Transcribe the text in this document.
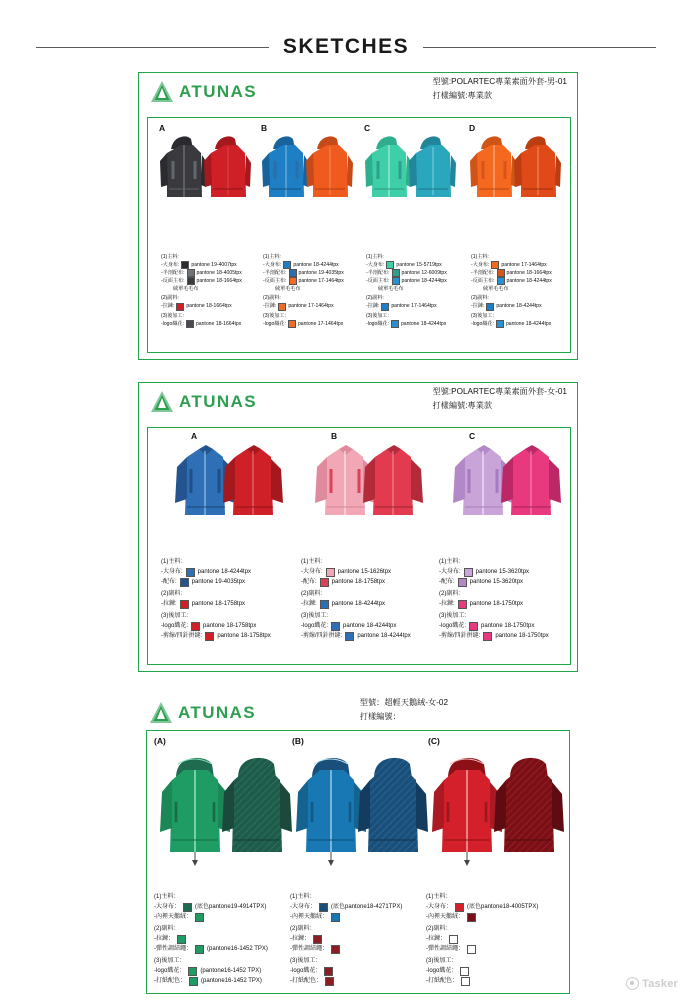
SKETCHES
ATUNAS
型號:POLARTEC專業素面外套-男-01
打樣編號:專業款
A
(1)主料:
-大身布: pantone 19-4007tpx
-半剖配布: pantone 18-4005tpx
-反面主布: pantone 18-1664tpx
絨單毛毛布
(2)副料:
-拉鍊: pantone 18-1664tpx
(3)後加工:
-logo織花: pantone 18-1664tpx
B
(1)主料:
-大身布: pantone 18-4244tpx
-半剖配布: pantone 19-4035tpx
-反面主布: pantone 17-1464tpx
絨單毛毛布
(2)副料:
-拉鍊: pantone 17-1464tpx
(3)後加工:
-logo織花: pantone 17-1464tpx
C
(1)主料:
-大身布: pantone 15-5719tpx
-半剖配布: pantone 12-6009tpx
-反面主布: pantone 18-4244tpx
絨單毛毛布
(2)副料:
-拉鍊: pantone 17-1464tpx
(3)後加工:
-logo織花: pantone 18-4244tpx
D
(1)主料:
-大身布: pantone 17-1464tpx
-半剖配布: pantone 18-1664tpx
-反面主布: pantone 18-4244tpx
絨單毛毛布
(2)副料:
-拉鍊: pantone 18-4244tpx
(3)後加工:
-logo織花: pantone 18-4244tpx
ATUNAS
型號:POLARTEC專業素面外套-女-01
打樣編號:專業款
A
(1)主料:
-大身布:	pantone 18-4244tpx
-配布:	pantone 19-4035tpx
(2)副料:
-拉鍊:	pantone 18-1758tpx
(3)後加工:
-logo織花:	pantone 18-1758tpx
-剪線/四針拼縫:	pantone 18-1758tpx
B
(1)主料:
-大身布:	pantone 15-1626tpx
-配布:	pantone 18-1758tpx
(2)副料:
-拉鍊:	pantone 18-4244tpx
(3)後加工:
-logo織花:	pantone 18-4244tpx
-剪線/四針拼縫:	pantone 18-4244tpx
C
(1)主料:
-大身布:	pantone 15-3620tpx
-配布:	pantone 15-3620tpx
(2)副料:
-拉鍊:	pantone 18-1750tpx
(3)後加工:
-logo織花:	pantone 18-1750tpx
-剪線/四針拼縫:	pantone 18-1750tpx
ATUNAS
型號：超輕天鵝絨-女-02
打樣編號：
(A)
(1)主料：
-大身布：	(底色pantone19-4914TPX)
-內裡天鵝絨：
(2)副料：
-拉鍊：
-彈性調結繩：	(pantone16-1452 TPX)
(3)後加工：
-logo織花：	(pantone16-1452 TPX)
-打紙配色：	(pantone16-1452 TPX)
(B)
(1)主料：
-大身布：	(底色pantone18-4271TPX)
-內裡天鵝絨：
(2)副料：
-拉鍊：
-彈性調結繩：
(3)後加工：
-logo織花：
-打紙配色：
(C)
(1)主料：
-大身布：	(底色pantone18-4005TPX)
-內裡天鵝絨：
(2)副料：
-拉鍊：
-彈性調結繩：
(3)後加工：
-logo織花：
-打紙配色：	Tasker
